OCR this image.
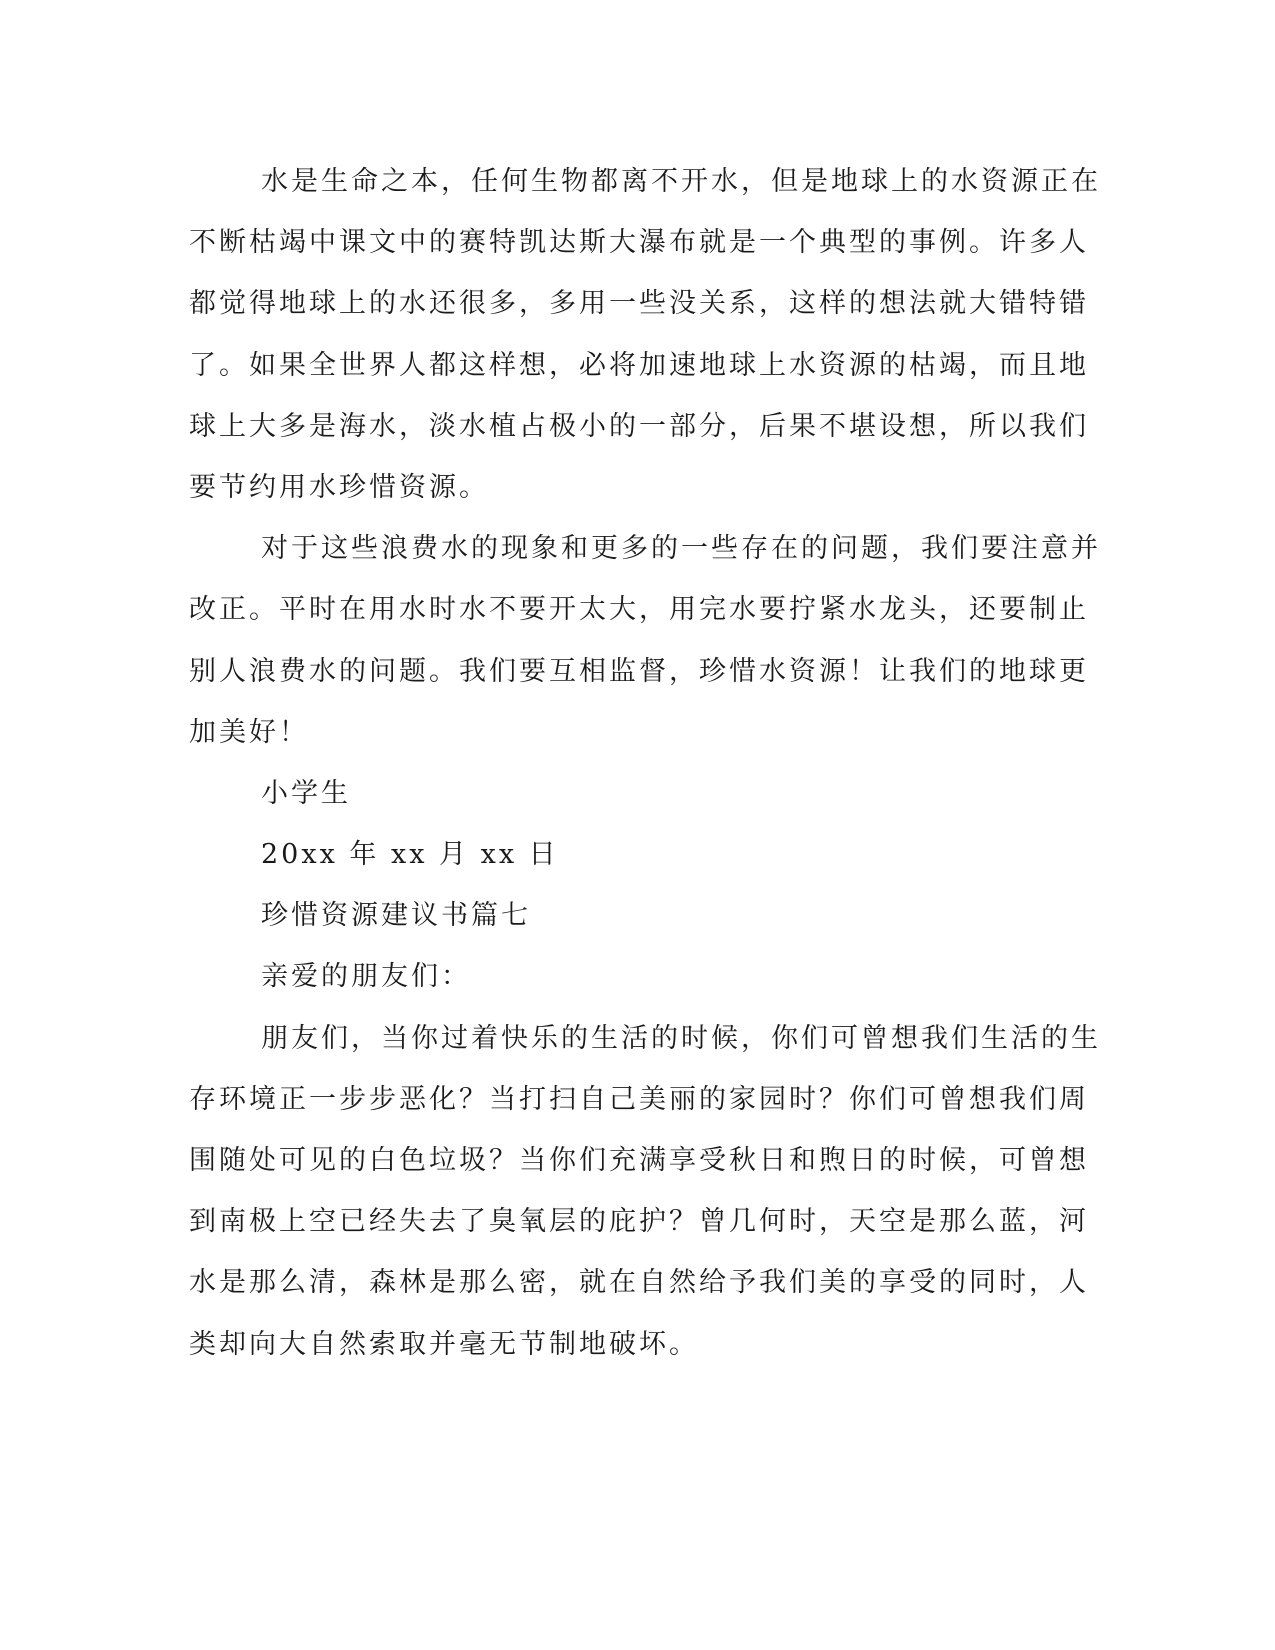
水是生命之本，任何生物都离不开水，但是地球上的水资源正在
不断枯竭中课文中的赛特凯达斯大瀑布就是一个典型的事例。许多人
都觉得地球上的水还很多，多用一些没关系，这样的想法就大错特错
了。如果全世界人都这样想，必将加速地球上水资源的枯竭，而且地
球上大多是海水，淡水植占极小的一部分，后果不堪设想，所以我们
要节约用水珍惜资源。
对于这些浪费水的现象和更多的一些存在的问题，我们要注意并
改正。平时在用水时水不要开太大，用完水要拧紧水龙头，还要制止
别人浪费水的问题。我们要互相监督，珍惜水资源！让我们的地球更
加美好！
小学生
20xx 年 xx 月 xx 日
珍惜资源建议书篇七
亲爱的朋友们：
朋友们，当你过着快乐的生活的时候，你们可曾想我们生活的生
存环境正一步步恶化？当打扫自己美丽的家园时？你们可曾想我们周
围随处可见的白色垃圾？当你们充满享受秋日和煦日的时候，可曾想
到南极上空已经失去了臭氧层的庇护？曾几何时，天空是那么蓝，河
水是那么清，森林是那么密，就在自然给予我们美的享受的同时，人
类却向大自然索取并毫无节制地破坏。
